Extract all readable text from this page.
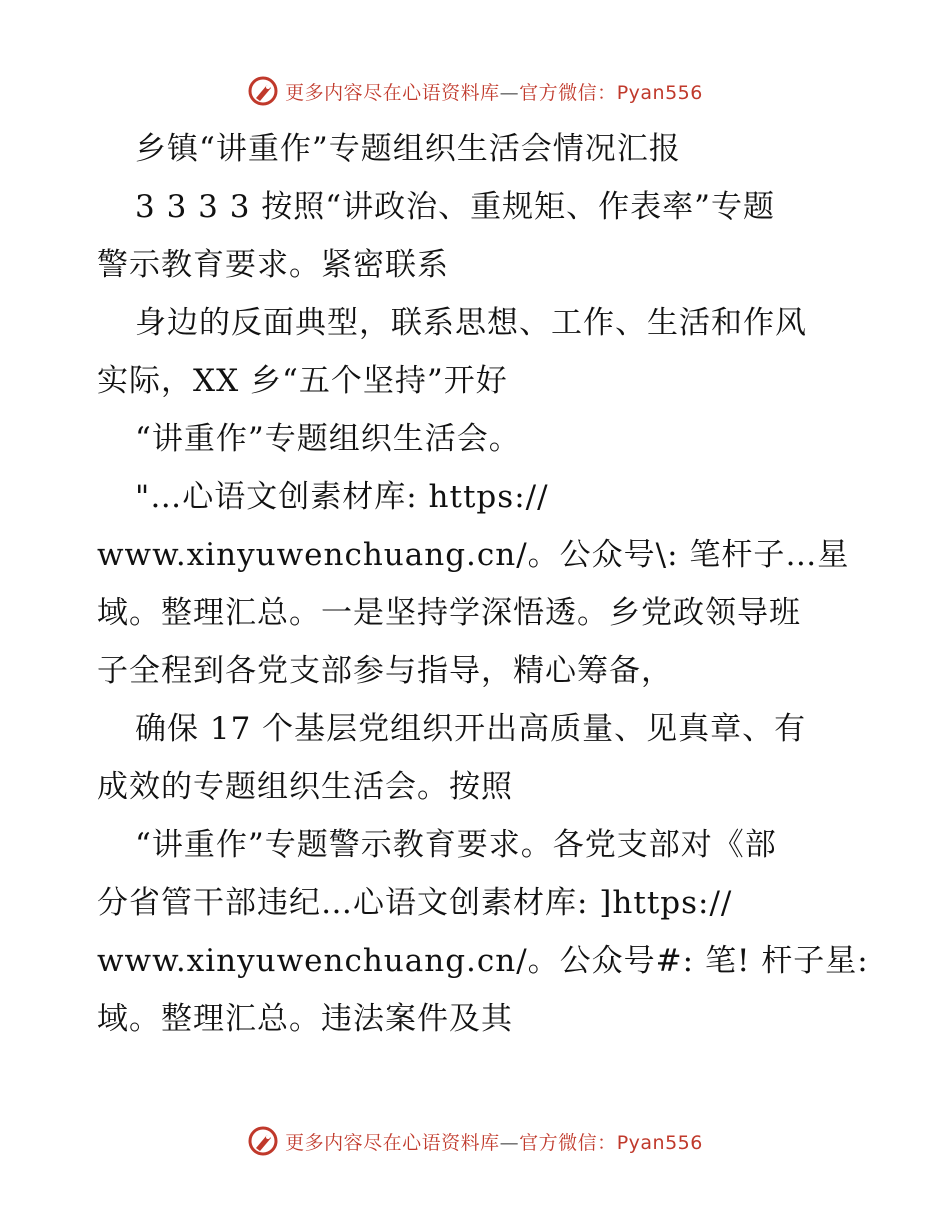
更多内容尽在心语资料库—官方微信：Pyan556
乡镇“讲重作”专题组织生活会情况汇报
3 3 3 3 按照“讲政治、重规矩、作表率”专题
警示教育要求。紧密联系
身边的反面典型，联系思想、工作、生活和作风
实际，XX 乡“五个坚持”开好
“讲重作”专题组织生活会。
"…心语文创素材库: https://
www.xinyuwenchuang.cn/。公众号\: 笔杆子…星
域。整理汇总。一是坚持学深悟透。乡党政领导班
子全程到各党支部参与指导，精心筹备，
确保 17 个基层党组织开出高质量、见真章、有
成效的专题组织生活会。按照
“讲重作”专题警示教育要求。各党支部对《部
分省管干部违纪…心语文创素材库: ]https://
www.xinyuwenchuang.cn/。公众号#: 笔! 杆子星:
域。整理汇总。违法案件及其
更多内容尽在心语资料库—官方微信：Pyan556
